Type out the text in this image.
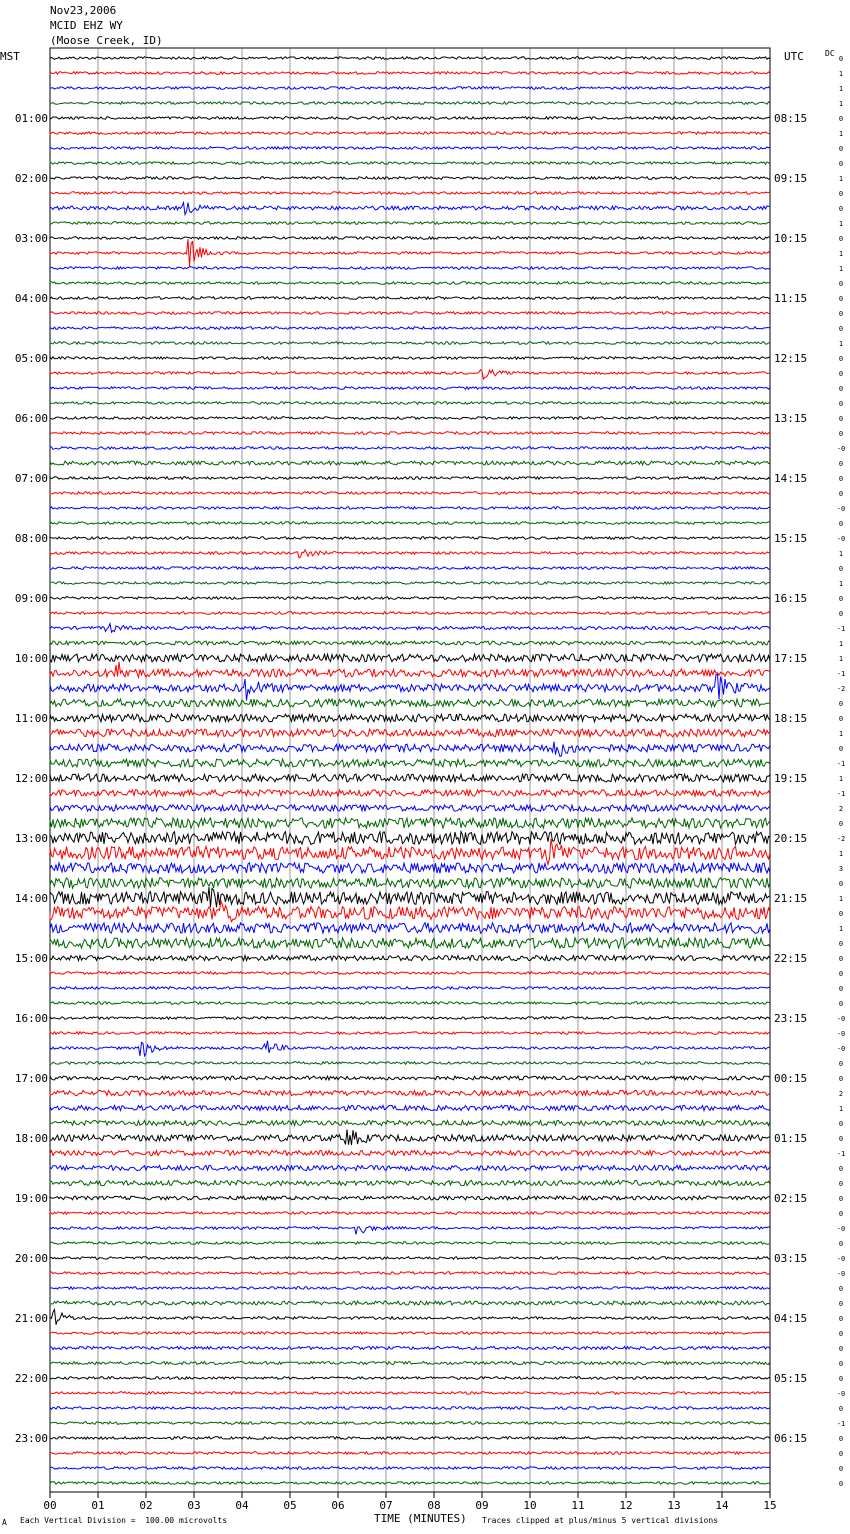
00	01	02	03	04	05	06	07	08	09	10	11	12	13	14	15
0
1
1
1
0
1
0
0
1
0
0
1
0
1
1
0
0
0
0
1
0
0
0
0
0
0
-0
0
0
0
-0
0
-0
1
0
1
0
0
-1
1
1
-1
-2
0
0
1
0
-1
1
-1
2
0
-2
1
3
0
1
0
1
0
0
0
0
0
-0
-0
-0
0
0
2
1
0
0
-1
0
0
0
0
-0
0
-0
-0
0
0
0
0
0
0
0
-0
0
-1
0
0
0
0
01:00
02:00
03:00
04:00
05:00
06:00
07:00
08:00
09:00
10:00
11:00
12:00
13:00
14:00
15:00
16:00
17:00
18:00
19:00
20:00
21:00
22:00
23:00
08:15
09:15
10:15
11:15
12:15
13:15
14:15
15:15
16:15
17:15
18:15
19:15
20:15
21:15
22:15
23:15
00:15
01:15
02:15
03:15
04:15
05:15
06:15
Nov23,2006
MCID EHZ WY
(Moose Creek, ID)
MST	UTC	DC
A Each Vertical Division =  100.00 microvolts	TIME (MINUTES) Traces clipped at plus/minus 5 vertical divisions
